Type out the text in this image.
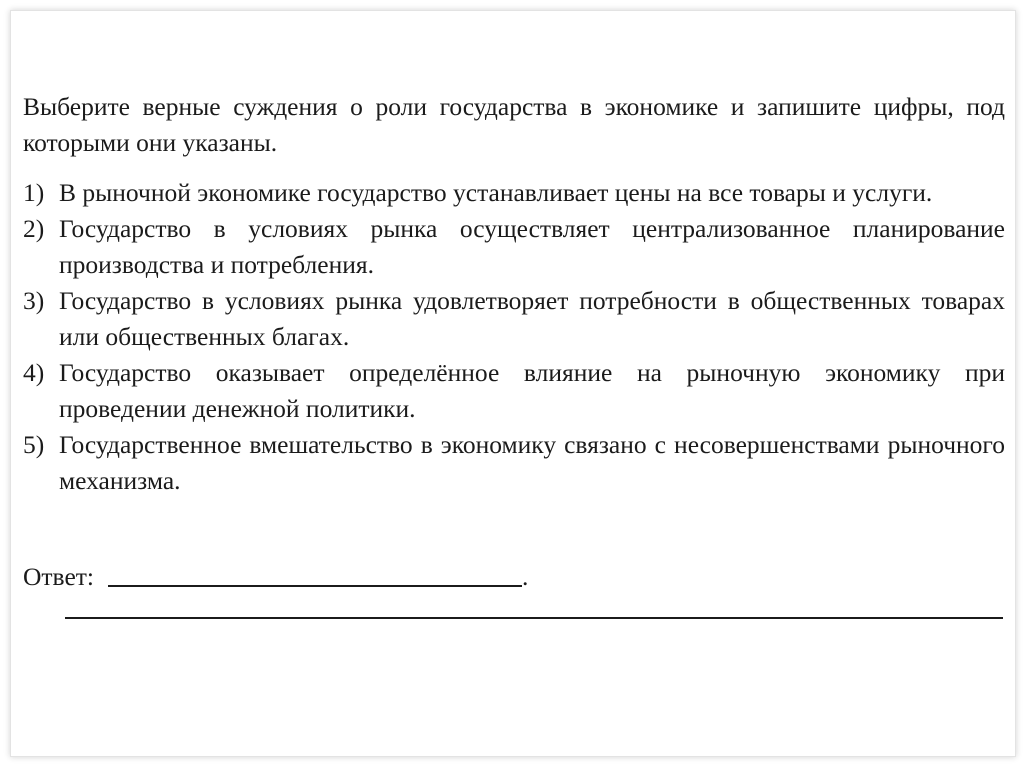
Выберите верные суждения о роли государства в экономике и запишите цифры, под которыми они указаны.

1) В рыночной экономике государство устанавливает цены на все товары и услуги.
2) Государство в условиях рынка осуществляет централизованное планирование производства и потребления.
3) Государство в условиях рынка удовлетворяет потребности в общественных товарах или общественных благах.
4) Государство оказывает определённое влияние на рыночную экономику при проведении денежной политики.
5) Государственное вмешательство в экономику связано с несовершенствами рыночного механизма.
Ответ:	.
